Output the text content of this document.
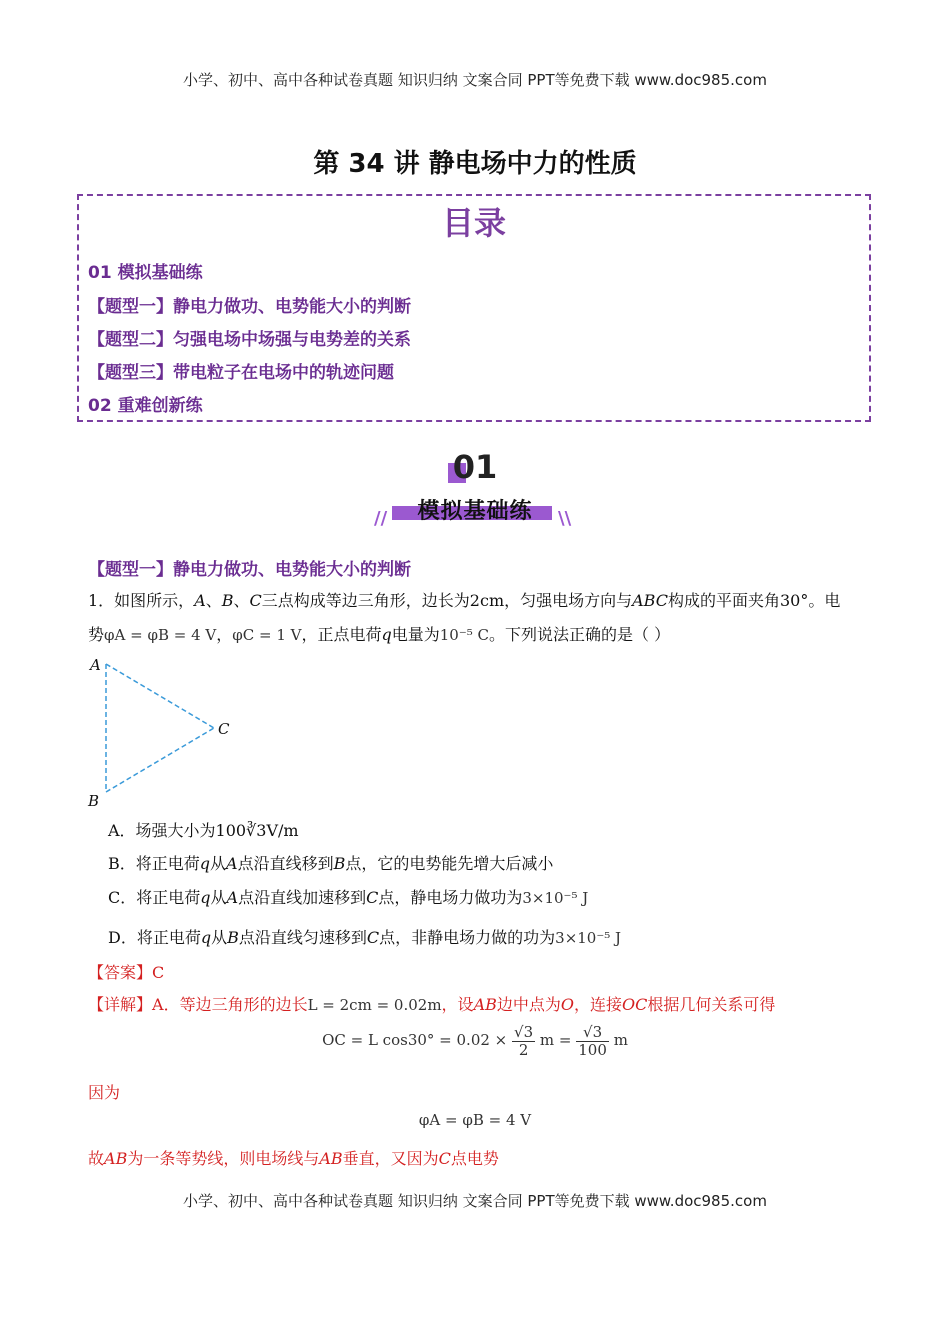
小学、初中、高中各种试卷真题 知识归纳 文案合同 PPT等免费下载 www.doc985.com
第 34 讲 静电场中力的性质
目录
01 模拟基础练
【题型一】静电力做功、电势能大小的判断
【题型二】匀强电场中场强与电势差的关系
【题型三】带电粒子在电场中的轨迹问题
02 重难创新练
01
//	模拟基础练	\\
【题型一】静电力做功、电势能大小的判断
1．如图所示，A、B、C三点构成等边三角形，边长为2cm，匀强电场方向与ABC构成的平面夹角30°。电
势φA = φB = 4 V，φC = 1 V，正点电荷q电量为10⁻⁵ C。下列说法正确的是（ ）
A
B
C
A．场强大小为100∛3V/m
B．将正电荷q从A点沿直线移到B点，它的电势能先增大后减小
C．将正电荷q从A点沿直线加速移到C点，静电场力做功为3×10⁻⁵ J
D．将正电荷q从B点沿直线匀速移到C点，非静电场力做的功为3×10⁻⁵ J
【答案】C
【详解】A．等边三角形的边长L = 2cm = 0.02m，设AB边中点为O，连接OC根据几何关系可得
OC = L $\cos 30^\circ = 0.02 \times \frac{√3}{2}$ $m = \frac{√3}{100}$ m
因为
φA = φB = 4 V
故AB为一条等势线，则电场线与AB垂直，又因为C点电势
小学、初中、高中各种试卷真题 知识归纳 文案合同 PPT等免费下载 www.doc985.com
